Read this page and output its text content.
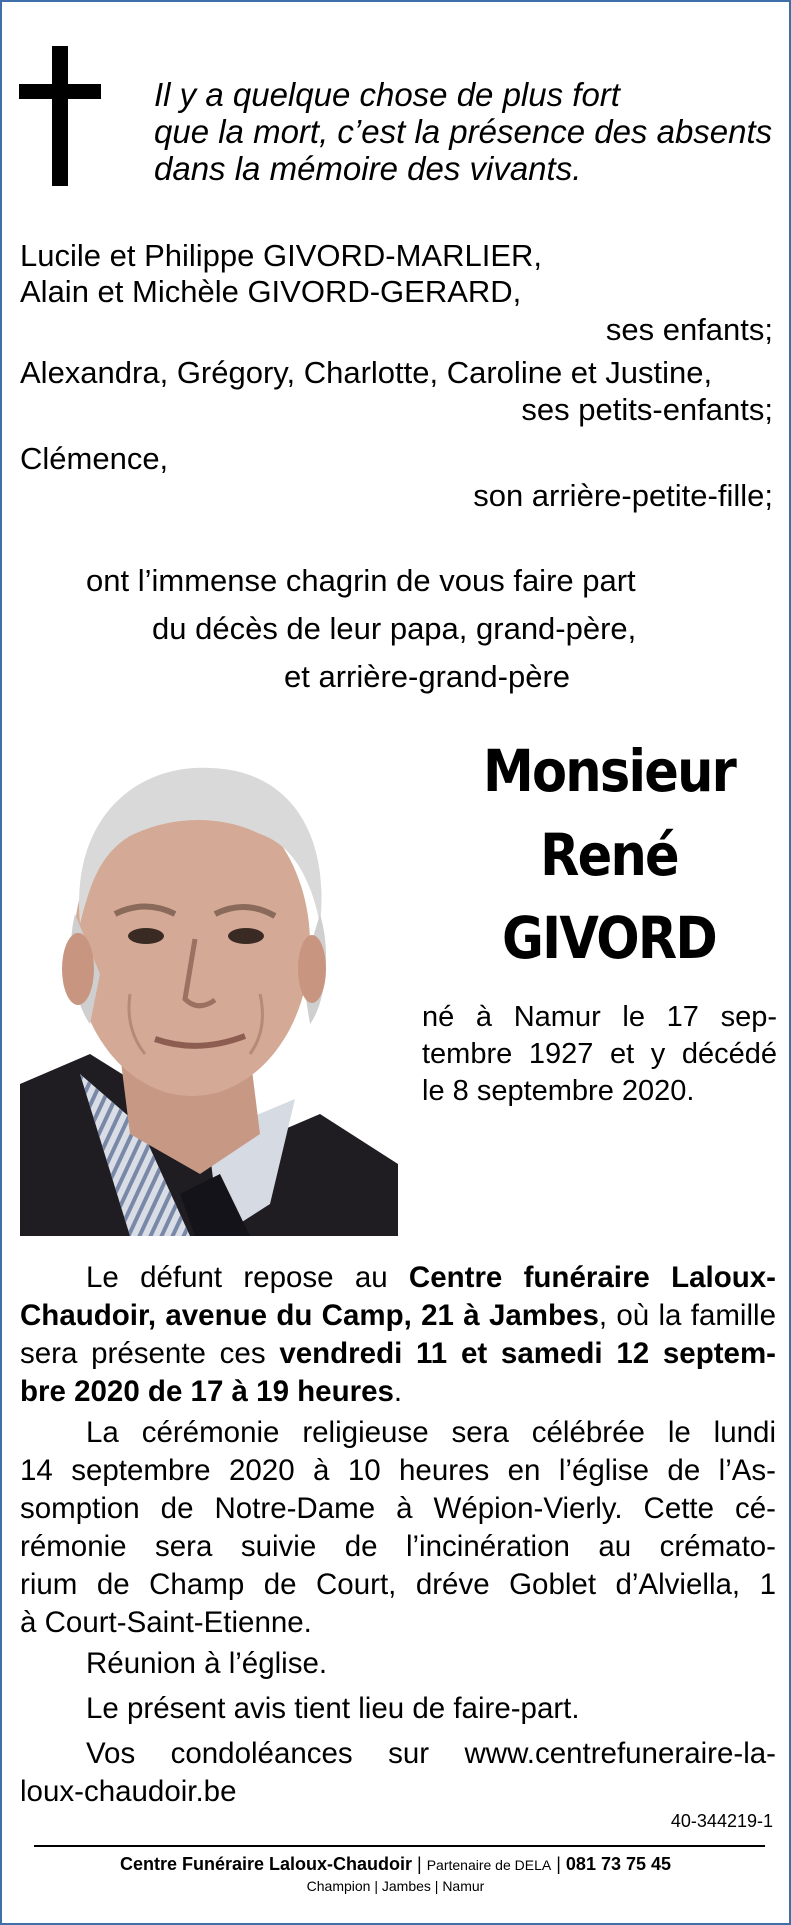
Il y a quelque chose de plus fort
que la mort, c’est la présence des absents
dans la mémoire des vivants.
Lucile et Philippe GIVORD-MARLIER,
Alain et Michèle GIVORD-GERARD,
ses enfants;
Alexandra, Grégory, Charlotte, Caroline et Justine,
ses petits-enfants;
Clémence,
son arrière-petite-fille;
ont l’immense chagrin de vous faire part
du décès de leur papa, grand-père,
et arrière-grand-père
Monsieur
René
GIVORD
né à Namur le 17 sep-
tembre 1927 et y décédé
le 8 septembre 2020.
Le défunt repose au Centre funéraire Laloux-
Chaudoir, avenue du Camp, 21 à Jambes, où la famille
sera présente ces vendredi 11 et samedi 12 septem-
bre 2020 de 17 à 19 heures.
La cérémonie religieuse sera célébrée le lundi
14 septembre 2020 à 10 heures en l’église de l’As-
somption de Notre-Dame à Wépion-Vierly. Cette cé-
rémonie sera suivie de l’incinération au crémato-
rium de Champ de Court, dréve Goblet d’Alviella, 1
à Court-Saint-Etienne.
Réunion à l’église.
Le présent avis tient lieu de faire-part.
Vos condoléances sur www.centrefuneraire-la-
loux-chaudoir.be
40-344219-1
Centre Funéraire Laloux-Chaudoir | Partenaire de DELA | 081 73 75 45
Champion | Jambes | Namur
